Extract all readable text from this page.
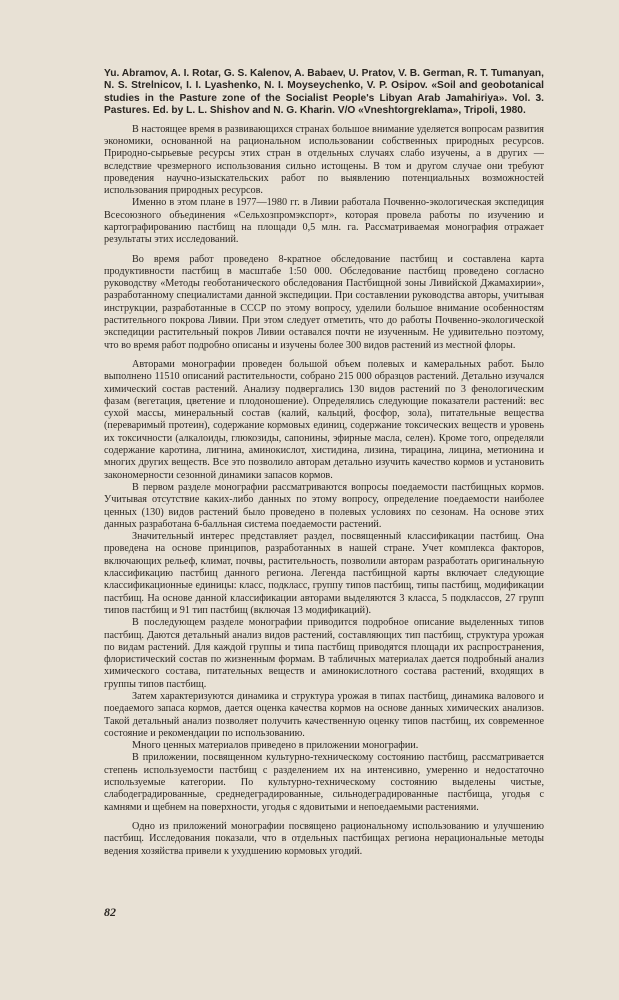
Yu. Abramov, A. I. Rotar, G. S. Kalenov, A. Babaev, U. Pratov, V. B. German, R. T. Tumanyan, N. S. Strelnicov, I. I. Lyashenko, N. I. Moyseychenko, V. P. Osipov. «Soil and geobotanical studies in the Pasture zone of the Socialist People's Libyan Arab Jamahiriya». Vol. 3. Pastures. Ed. by L. L. Shishov and N. G. Kharin. V/O «Vneshtorgreklama», Tripoli, 1980.

В настоящее время в развивающихся странах большое внимание уделяется вопросам развития экономики, основанной на рациональном использовании собственных природных ресурсов. Природно-сырьевые ресурсы этих стран в отдельных случаях слабо изучены, а в других — вследствие чрезмерного использования сильно истощены. В том и другом случае они требуют проведения научно-изыскательских работ по выявлению потенциальных возможностей использования природных ресурсов.

Именно в этом плане в 1977—1980 гг. в Ливии работала Почвенно-экологическая экспедиция Всесоюзного объединения «Сельхозпромэкспорт», которая провела работы по изучению и картографированию пастбищ на площади 0,5 млн. га. Рассматриваемая монография отражает результаты этих исследований.

Во время работ проведено 8-кратное обследование пастбищ и составлена карта продуктивности пастбищ в масштабе 1:50 000. Обследование пастбищ проведено согласно руководству «Методы геоботанического обследования Пастбищной зоны Ливийской Джамахирии», разработанному специалистами данной экспедиции. При составлении руководства авторы, учитывая инструкции, разработанные в СССР по этому вопросу, уделили большое внимание особенностям растительного покрова Ливии. При этом следует отметить, что до работы Почвенно-экологической экспедиции растительный покров Ливии оставался почти не изученным. Не удивительно поэтому, что во время работ подробно описаны и изучены более 300 видов растений из местной флоры.

Авторами монографии проведен большой объем полевых и камеральных работ. Было выполнено 11510 описаний растительности, собрано 215 000 образцов растений. Детально изучался химический состав растений. Анализу подвергались 130 видов растений по 3 фенологическим фазам (вегетация, цветение и плодоношение). Определялись следующие показатели растений: вес сухой массы, минеральный состав (калий, кальций, фосфор, зола), питательные вещества (переваримый протеин), содержание кормовых единиц, содержание токсических веществ и уровень их токсичности (алкалоиды, глюкозиды, сапонины, эфирные масла, селен). Кроме того, определяли содержание каротина, лигнина, аминокислот, хистидина, лизина, тирацина, лицина, метионина и многих других веществ. Все это позволило авторам детально изучить качество кормов и установить закономерности сезонной динамики запасов кормов.

В первом разделе монографии рассматриваются вопросы поедаемости пастбищных кормов. Учитывая отсутствие каких-либо данных по этому вопросу, определение поедаемости наиболее ценных (130) видов растений было проведено в полевых условиях по сезонам. На основе этих данных разработана 6-балльная система поедаемости растений.

Значительный интерес представляет раздел, посвященный классификации пастбищ. Она проведена на основе принципов, разработанных в нашей стране. Учет комплекса факторов, включающих рельеф, климат, почвы, растительность, позволили авторам разработать оригинальную классификацию пастбищ данного региона. Легенда пастбищной карты включает следующие классификационные единицы: класс, подкласс, группу типов пастбищ, типы пастбищ, модификации пастбищ. На основе данной классификации авторами выделяются 3 класса, 5 подклассов, 27 групп типов пастбищ и 91 тип пастбищ (включая 13 модификаций).

В последующем разделе монографии приводится подробное описание выделенных типов пастбищ. Даются детальный анализ видов растений, составляющих тип пастбищ, структура урожая по видам растений. Для каждой группы и типа пастбищ приводятся площади их распространения, флористический состав по жизненным формам. В табличных материалах дается подробный анализ химического состава, питательных веществ и аминокислотного состава растений, входящих в группы типов пастбищ.

Затем характеризуются динамика и структура урожая в типах пастбищ, динамика валового и поедаемого запаса кормов, дается оценка качества кормов на основе данных химических анализов. Такой детальный анализ позволяет получить качественную оценку типов пастбищ, их современное состояние и рекомендации по использованию.

Много ценных материалов приведено в приложении монографии.

В приложении, посвященном культурно-техническому состоянию пастбищ, рассматривается степень используемости пастбищ с разделением их на интенсивно, умеренно и недостаточно используемые категории. По культурно-техническому состоянию выделены чистые, слабодеградированные, среднедеградированные, сильнодеградированные пастбища, угодья с камнями и щебнем на поверхности, угодья с ядовитыми и непоедаемыми растениями.

Одно из приложений монографии посвящено рациональному использованию и улучшению пастбищ. Исследования показали, что в отдельных пастбищах региона нерациональные методы ведения хозяйства привели к ухудшению кормовых угодий.

82
